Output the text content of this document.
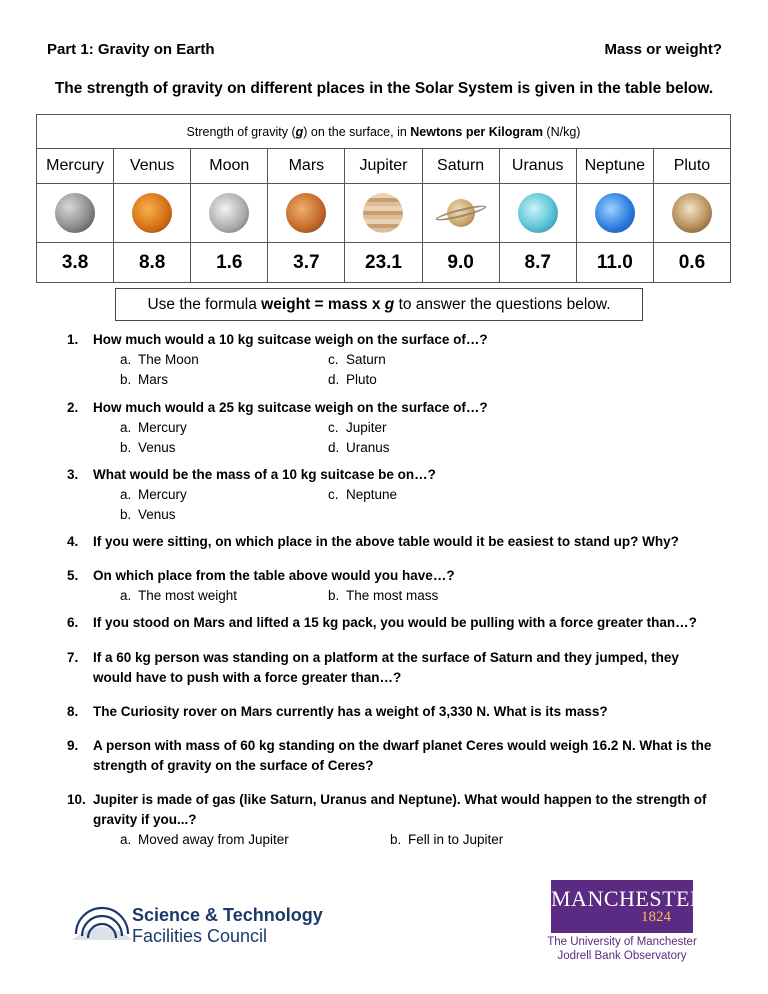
Part 1: Gravity on Earth	Mass or weight?
The strength of gravity on different places in the Solar System is given in the table below.
Strength of gravity (g) on the surface, in Newtons per Kilogram (N/kg)								
Mercury	Venus	Moon	Mars	Jupiter	Saturn	Uranus	Neptune	Pluto

3.8	8.8	1.6	3.7	23.1	9.0	8.7	11.0	0.6
Use the formula weight = mass x g to answer the questions below.
1. How much would a 10 kg suitcase weigh on the surface of…?
a. The Moon
b. Mars
c. Saturn
d. Pluto
2. How much would a 25 kg suitcase weigh on the surface of…?
a. Mercury
b. Venus
c. Jupiter
d. Uranus
3. What would be the mass of a 10 kg suitcase be on…?
a. Mercury
b. Venus
c. Neptune
4. If you were sitting, on which place in the above table would it be easiest to stand up? Why?
5. On which place from the table above would you have…?
a. The most weight	b. The most mass
6. If you stood on Mars and lifted a 15 kg pack, you would be pulling with a force greater than…?
7. If a 60 kg person was standing on a platform at the surface of Saturn and they jumped, they
would have to push with a force greater than…?
8. The Curiosity rover on Mars currently has a weight of 3,330 N. What is its mass?
9. A person with mass of 60 kg standing on the dwarf planet Ceres would weigh 16.2 N. What is the
strength of gravity on the surface of Ceres?
10. Jupiter is made of gas (like Saturn, Uranus and Neptune). What would happen to the strength of
gravity if you...?
a. Moved away from Jupiter	b. Fell in to Jupiter
Science & Technology
Facilities Council
MANCHESTER
1824
The University of Manchester
Jodrell Bank Observatory
